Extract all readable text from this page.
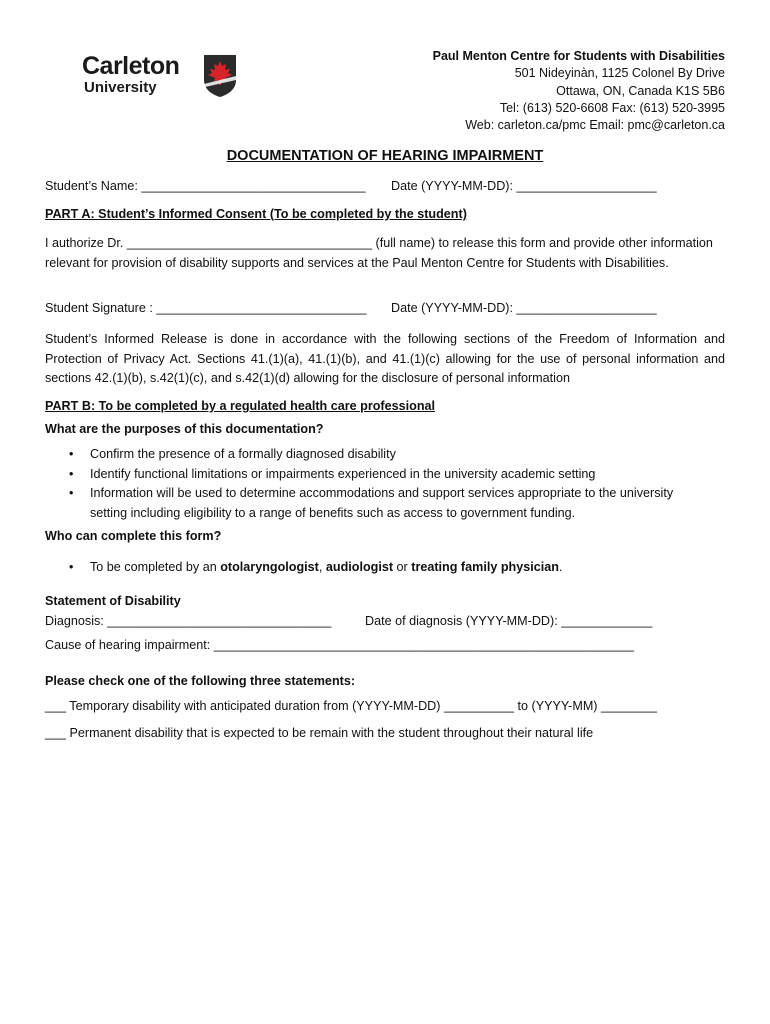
Carleton
University
Paul Menton Centre for Students with Disabilities
501 Nideyinàn, 1125 Colonel By Drive
Ottawa, ON, Canada K1S 5B6
Tel: (613) 520-6608 Fax: (613) 520-3995
Web: carleton.ca/pmc Email: pmc@carleton.ca
DOCUMENTATION OF HEARING IMPAIRMENT
Student’s Name: ________________________________ Date (YYYY-MM-DD): ____________________
PART A: Student’s Informed Consent (To be completed by the student)
I authorize Dr. ___________________________________ (full name) to release this form and provide other information relevant for provision of disability supports and services at the Paul Menton Centre for Students with Disabilities.
Student Signature : ______________________________ Date (YYYY-MM-DD): ____________________
Student’s Informed Release is done in accordance with the following sections of the Freedom of Information and Protection of Privacy Act. Sections 41.(1)(a), 41.(1)(b), and 41.(1)(c) allowing for the use of personal information and sections 42.(1)(b), s.42(1)(c), and s.42(1)(d) allowing for the disclosure of personal information
PART B: To be completed by a regulated health care professional
What are the purposes of this documentation?
• Confirm the presence of a formally diagnosed disability
• Identify functional limitations or impairments experienced in the university academic setting
• Information will be used to determine accommodations and support services appropriate to the university setting including eligibility to a range of benefits such as access to government funding.
Who can complete this form?
• To be completed by an otolaryngologist, audiologist or treating family physician.
Statement of Disability
Diagnosis: ________________________________	Date of diagnosis (YYYY-MM-DD): _____________
Cause of hearing impairment: ____________________________________________________________
Please check one of the following three statements:
___ Temporary disability with anticipated duration from (YYYY-MM-DD) __________ to (YYYY-MM) ________
___ Permanent disability that is expected to be remain with the student throughout their natural life
